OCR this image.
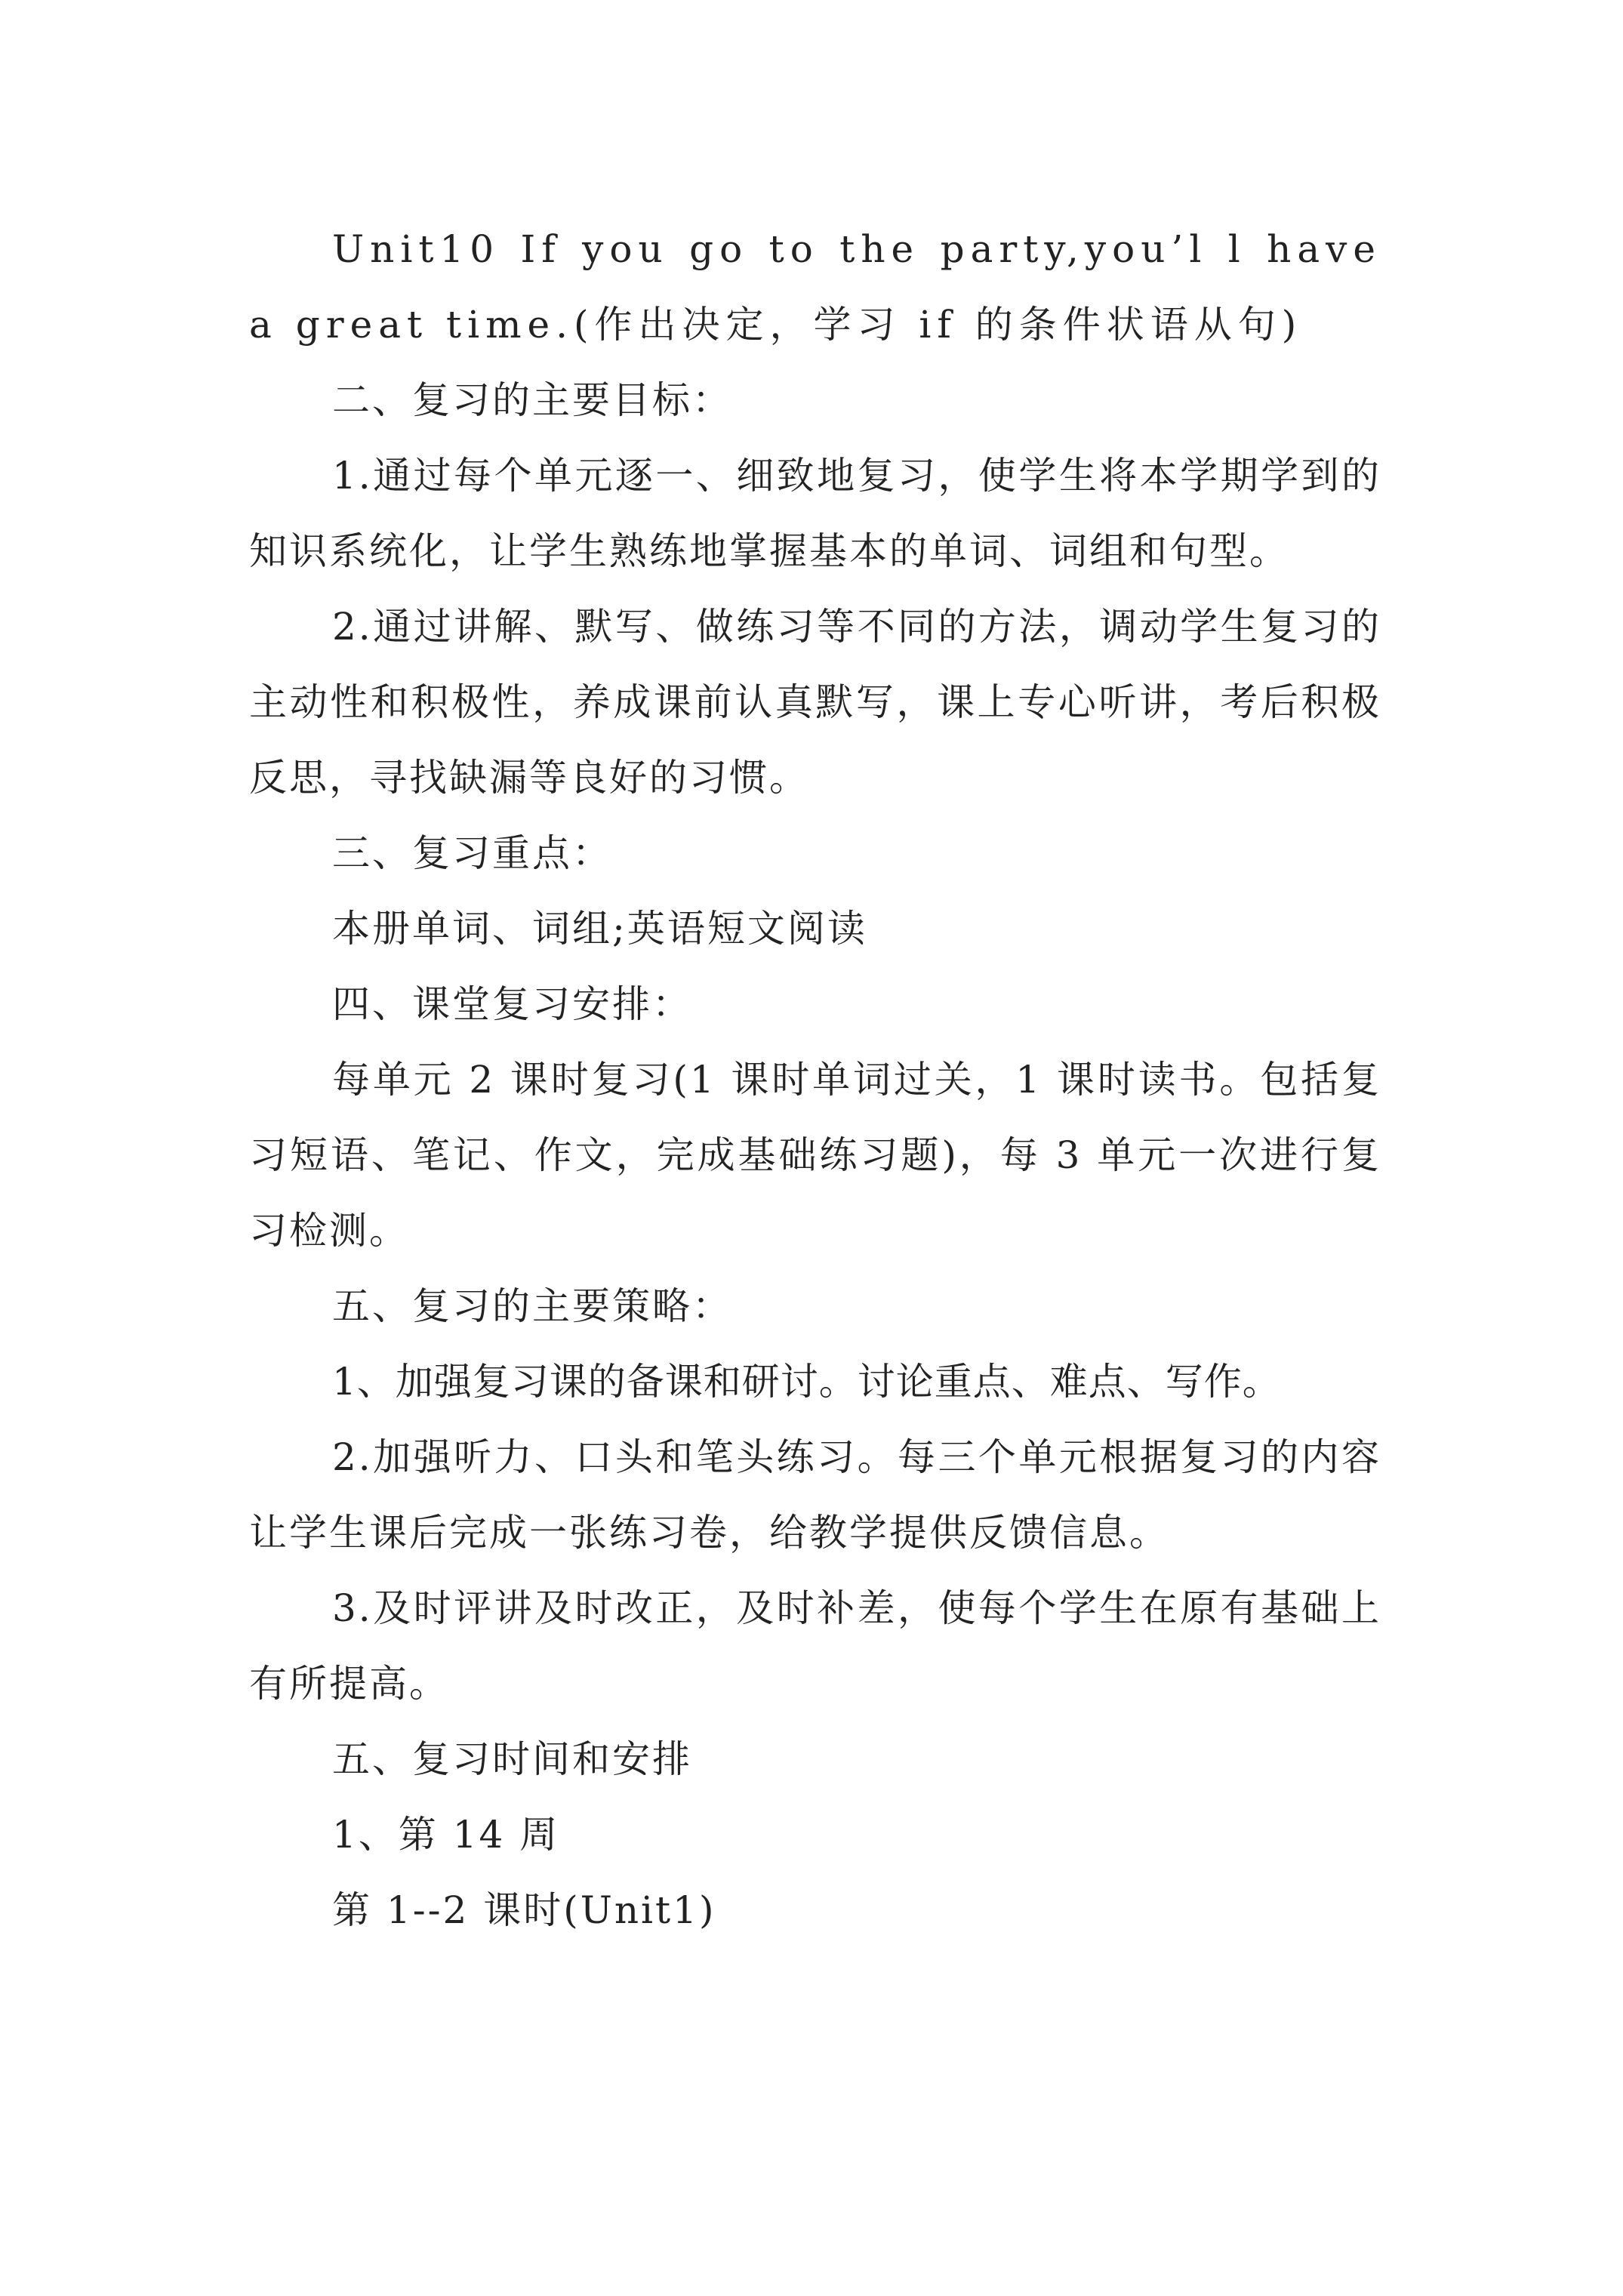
Unit10 If you go to the party,you’l l have a great time.(作出决定，学习 if 的条件状语从句)

二、复习的主要目标：

1.通过每个单元逐一、细致地复习，使学生将本学期学到的知识系统化，让学生熟练地掌握基本的单词、词组和句型。

2.通过讲解、默写、做练习等不同的方法，调动学生复习的主动性和积极性，养成课前认真默写，课上专心听讲，考后积极反思，寻找缺漏等良好的习惯。

三、复习重点：

本册单词、词组;英语短文阅读

四、课堂复习安排：

每单元 2 课时复习(1 课时单词过关，1 课时读书。包括复习短语、笔记、作文，完成基础练习题)，每 3 单元一次进行复习检测。

五、复习的主要策略：

1、加强复习课的备课和研讨。讨论重点、难点、写作。

2.加强听力、口头和笔头练习。每三个单元根据复习的内容让学生课后完成一张练习卷，给教学提供反馈信息。

3.及时评讲及时改正，及时补差，使每个学生在原有基础上有所提高。

五、复习时间和安排

1、第 14 周

第 1--2 课时(Unit1)
